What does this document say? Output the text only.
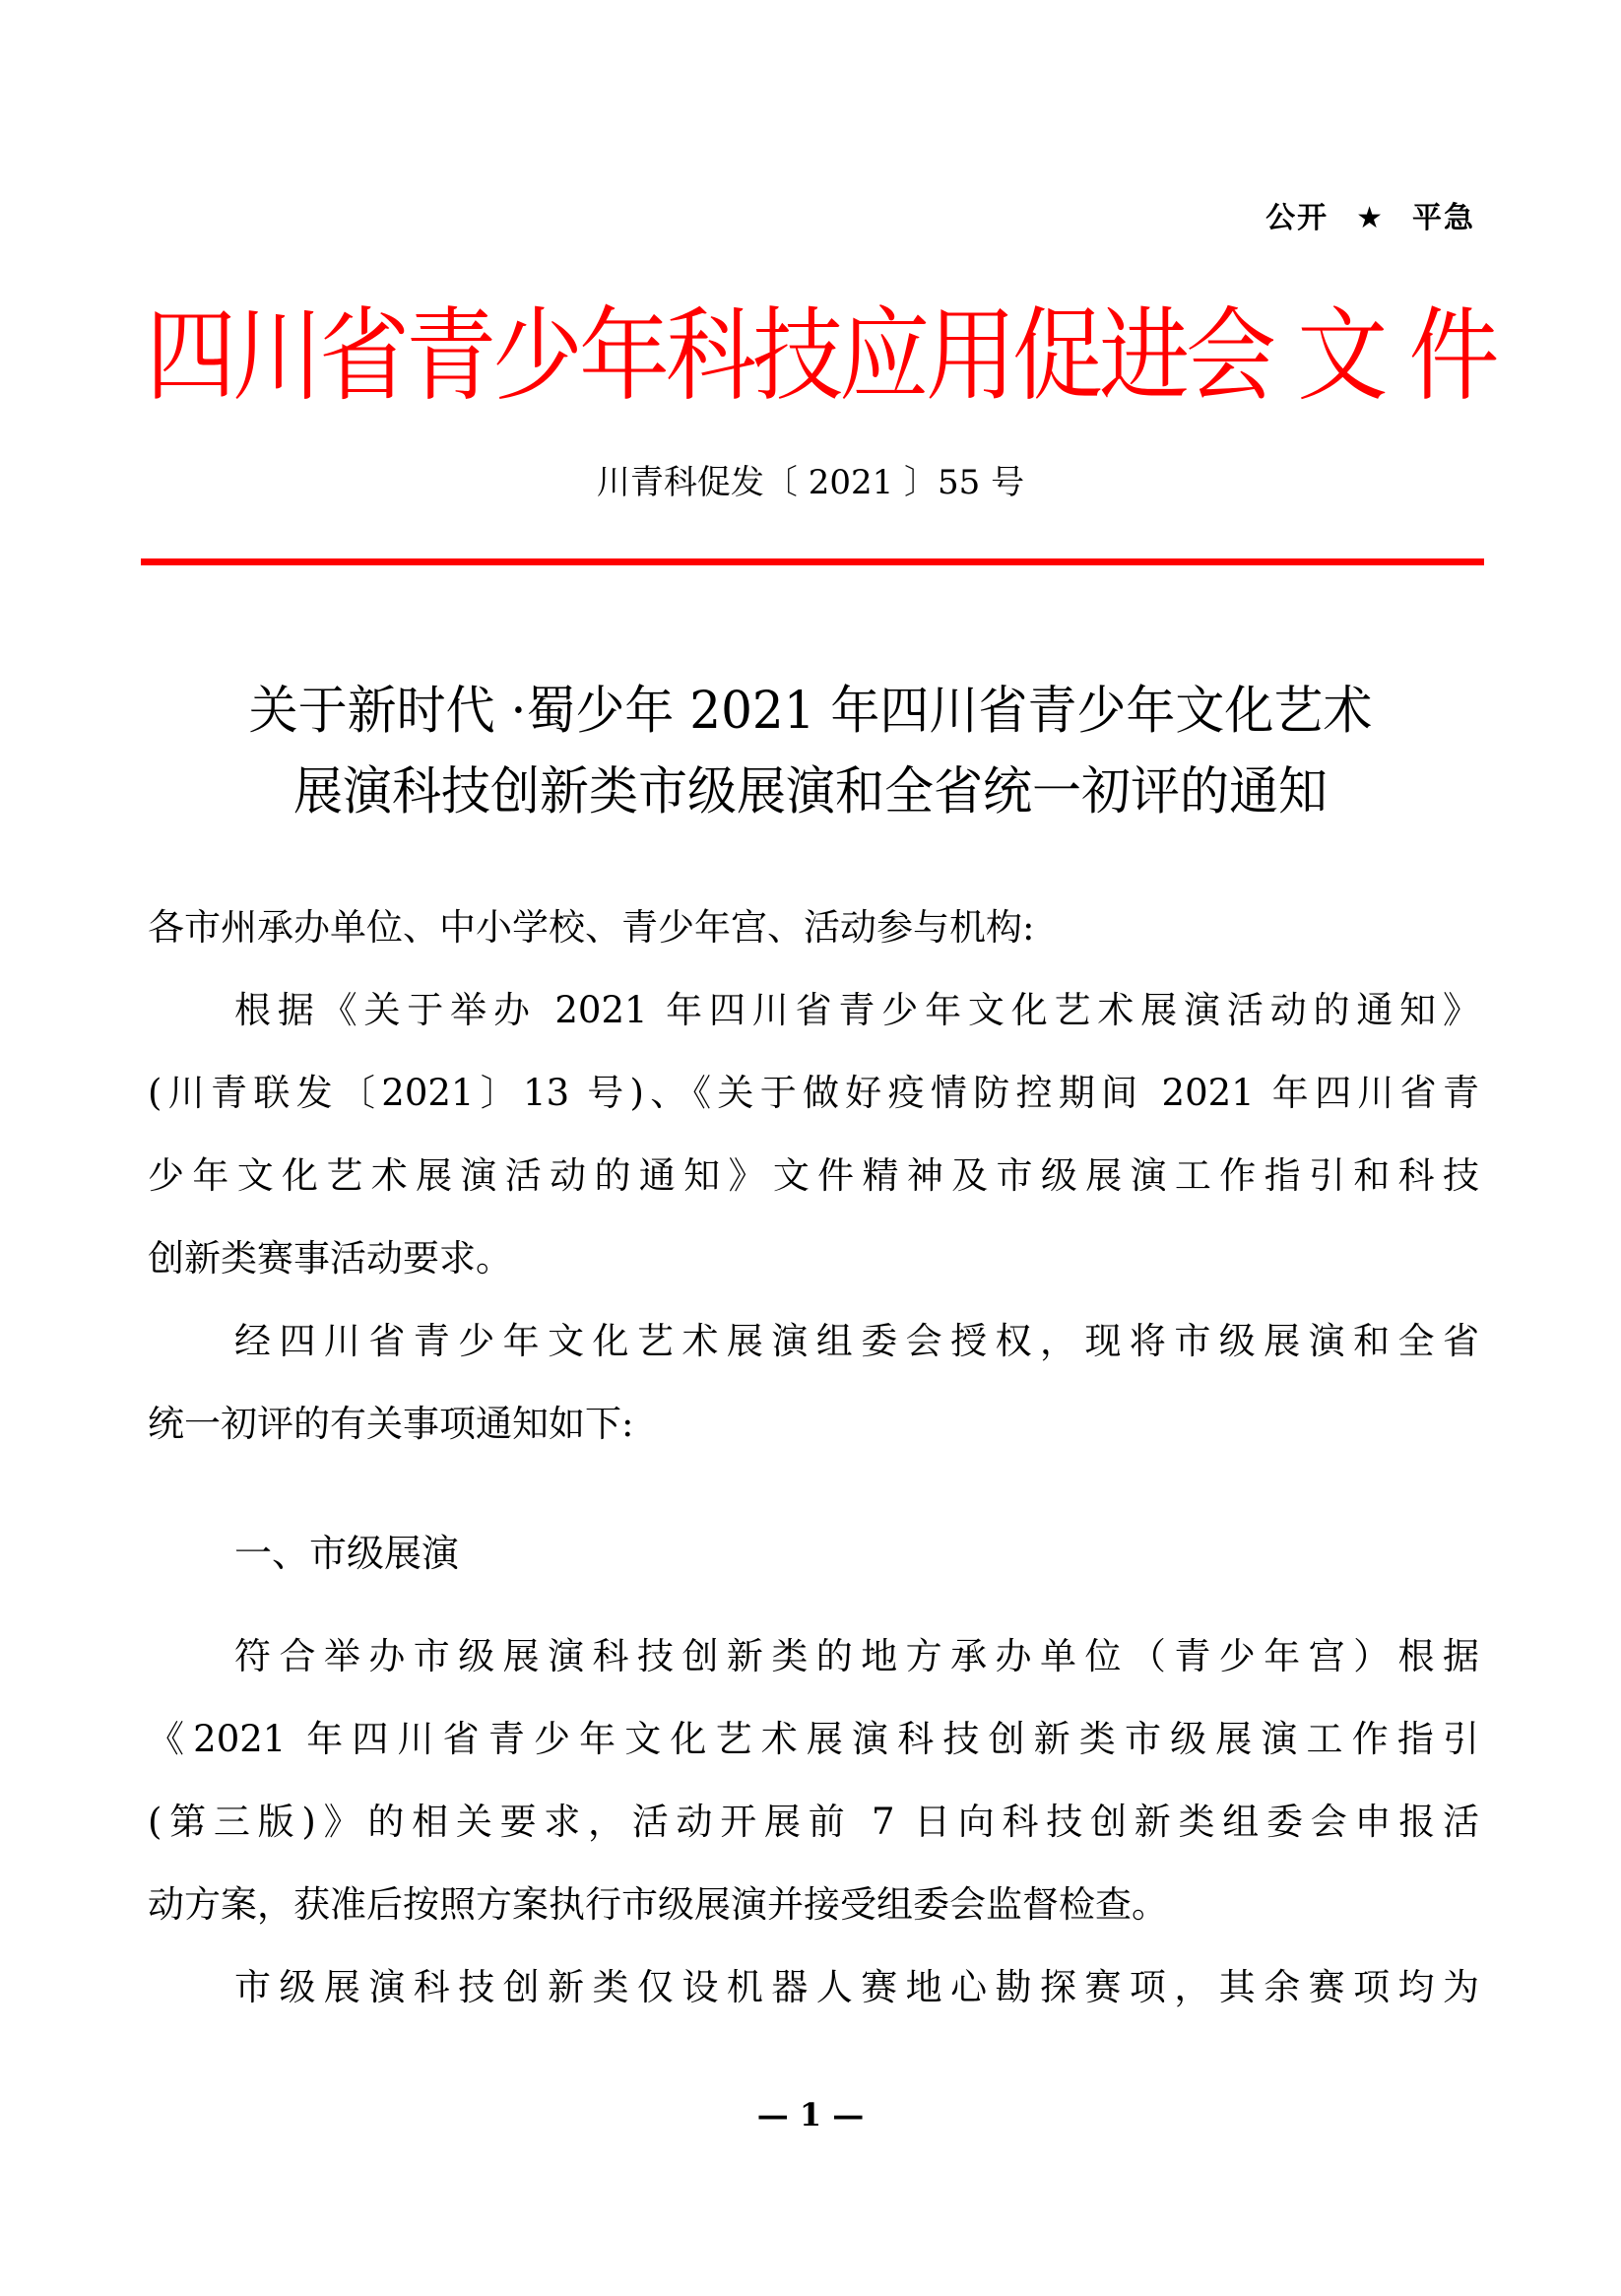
公开 ★ 平急
四川省青少年科技应用促进会 文 件
川青科促发〔 2021 〕55 号
关于新时代 ·蜀少年 2021 年四川省青少年文化艺术
展演科技创新类市级展演和全省统一初评的通知
各市州承办单位、中小学校、青少年宫、活动参与机构:
根据《关于举办 2021 年四川省青少年文化艺术展演活动的通知》
(川青联发〔2021〕13 号)、《关于做好疫情防控期间 2021 年四川省青
少年文化艺术展演活动的通知》文件精神及市级展演工作指引和科技
创新类赛事活动要求。
经四川省青少年文化艺术展演组委会授权，现将市级展演和全省
统一初评的有关事项通知如下:
一、市级展演
符合举办市级展演科技创新类的地方承办单位（青少年宫）根据
《2021 年四川省青少年文化艺术展演科技创新类市级展演工作指引
(第三版)》的相关要求，活动开展前 7 日向科技创新类组委会申报活
动方案，获准后按照方案执行市级展演并接受组委会监督检查。
市级展演科技创新类仅设机器人赛地心勘探赛项，其余赛项均为
— 1 —
